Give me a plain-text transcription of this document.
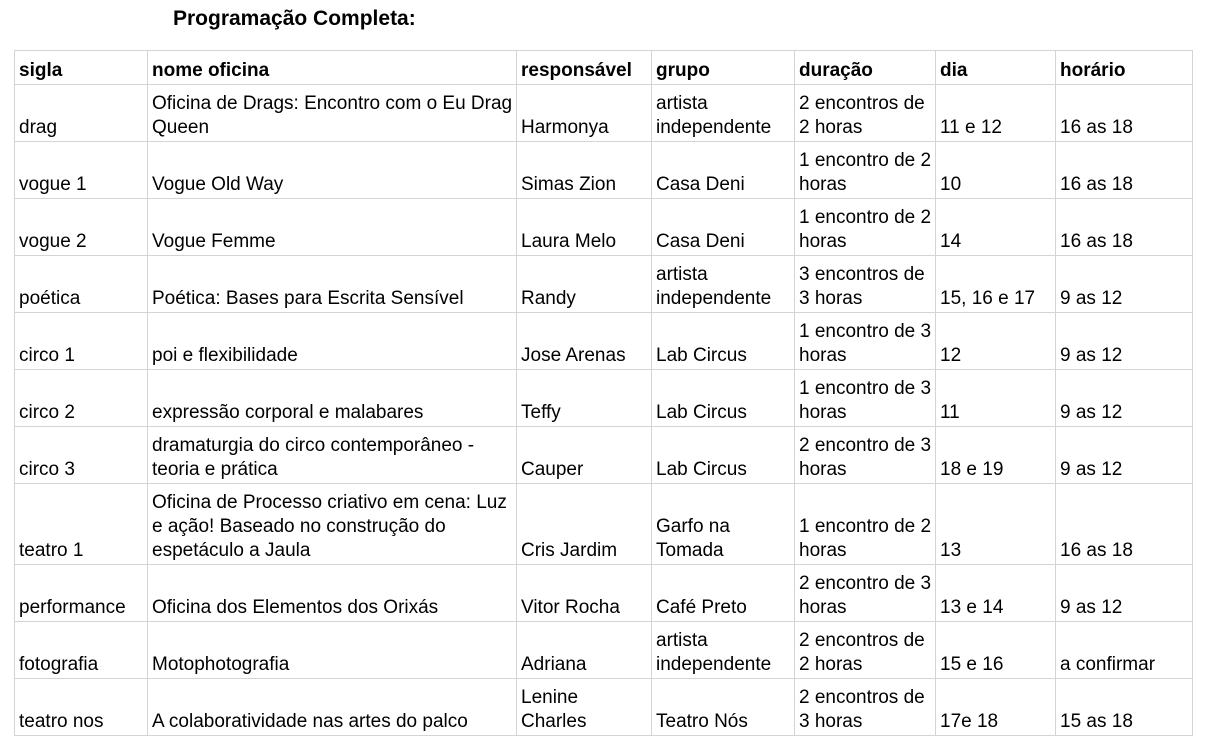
Programação Completa:
sigla	nome oficina	responsável	grupo	duração	dia	horário
drag	Oficina de Drags: Encontro com o Eu Drag Queen	Harmonya	artista independente	2 encontros de 2 horas	11 e 12	16 as 18
vogue 1	Vogue Old Way	Simas Zion	Casa Deni	1 encontro de 2 horas	10	16 as 18
vogue 2	Vogue Femme	Laura Melo	Casa Deni	1 encontro de 2 horas	14	16 as 18
poética	Poética: Bases para Escrita Sensível	Randy	artista independente	3 encontros de 3 horas	15, 16 e 17	9 as 12
circo 1	poi e flexibilidade	Jose Arenas	Lab Circus	1 encontro de 3 horas	12	9 as 12
circo 2	expressão corporal e malabares	Teffy	Lab Circus	1 encontro de 3 horas	11	9 as 12
circo 3	dramaturgia do circo contemporâneo - teoria e prática	Cauper	Lab Circus	2 encontro de 3 horas	18 e 19	9 as 12
teatro 1	Oficina de Processo criativo em cena: Luz e ação! Baseado no construção do espetáculo a Jaula	Cris Jardim	Garfo na Tomada	1 encontro de 2 horas	13	16 as 18
performance	Oficina dos Elementos dos Orixás	Vitor Rocha	Café Preto	2 encontro de 3 horas	13 e 14	9 as 12
fotografia	Motophotografia	Adriana	artista independente	2 encontros de 2 horas	15 e 16	a confirmar
teatro nos	A colaboratividade nas artes do palco	Lenine Charles	Teatro Nós	2 encontros de 3 horas	17e 18	15 as 18
